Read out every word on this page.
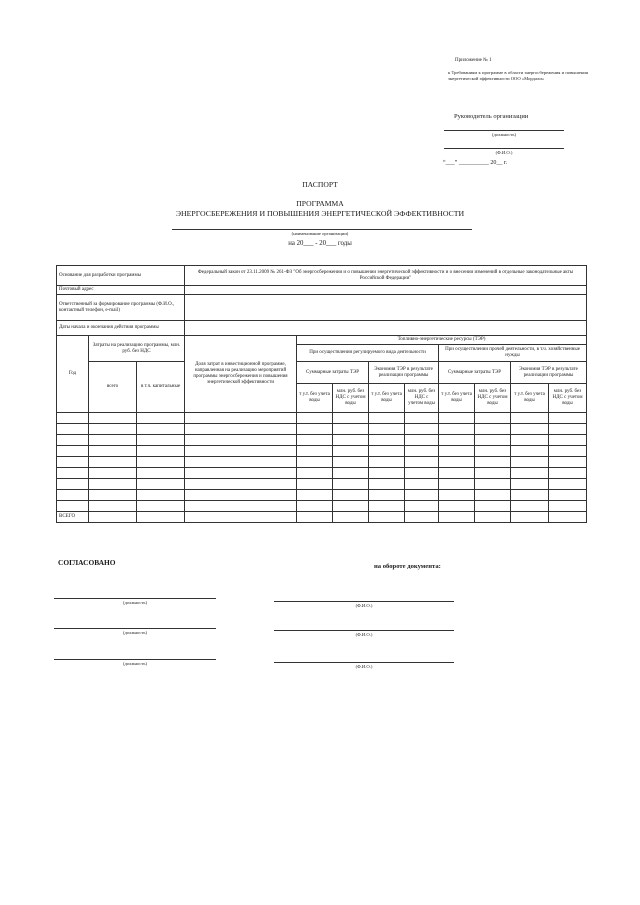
Приложение № 1
к Требованиям к программе в области энергосбережения и повышения энергетической эффективности ООО «Мордали»
Руководитель организации
(должность)
(Ф.И.О.)
“___” __________ 20__ г.
ПАСПОРТ
ПРОГРАММА
ЭНЕРГОСБЕРЕЖЕНИЯ И ПОВЫШЕНИЯ ЭНЕРГЕТИЧЕСКОЙ ЭФФЕКТИВНОСТИ
(наименование организации)
на 20___ - 20___ годы
Основание для разработки программы			Федеральный закон от 23.11.2009 № 261-ФЗ "Об энергосбережении и о повышении энергетической эффективности и о внесении изменений в отдельные законодательные акты Российской Федерации"								
Почтовый адрес											
Ответственный за формирование программы (Ф.И.О., контактный телефон, e-mail)											
Даты начала и окончания действия программы											
Год	Затраты на реализацию программы, млн. руб. без НДС		Доля затрат в инвестиционной программе, направленная на реализацию мероприятий программы энергосбережения и повышения энергетической эффективности	Топливно-энергетические ресурсы (ТЭР)							
				При осуществлении регулируемого вида деятельности				При осуществлении прочей деятельности, в т.ч. хозяйственные нужды			
	всего	в т.ч. капитальные		Суммарные затраты ТЭР		Экономия ТЭР в результате реализации программы		Суммарные затраты ТЭР		Экономия ТЭР в результате реализации программы	
				т у.т. без учета воды	млн. руб. без НДС с учетом воды	т у.т. без учета воды	млн. руб. без НДС с учетом воды	т у.т. без учета воды	млн. руб. без НДС с учетом воды	т у.т. без учета воды	млн. руб. без НДС с учетом воды

ВСЕГО											
СОГЛАСОВАНО	на обороте документа:
(должность)
(Ф.И.О.)
(должность)	(Ф.И.О.)
(должность)
(Ф.И.О.)
